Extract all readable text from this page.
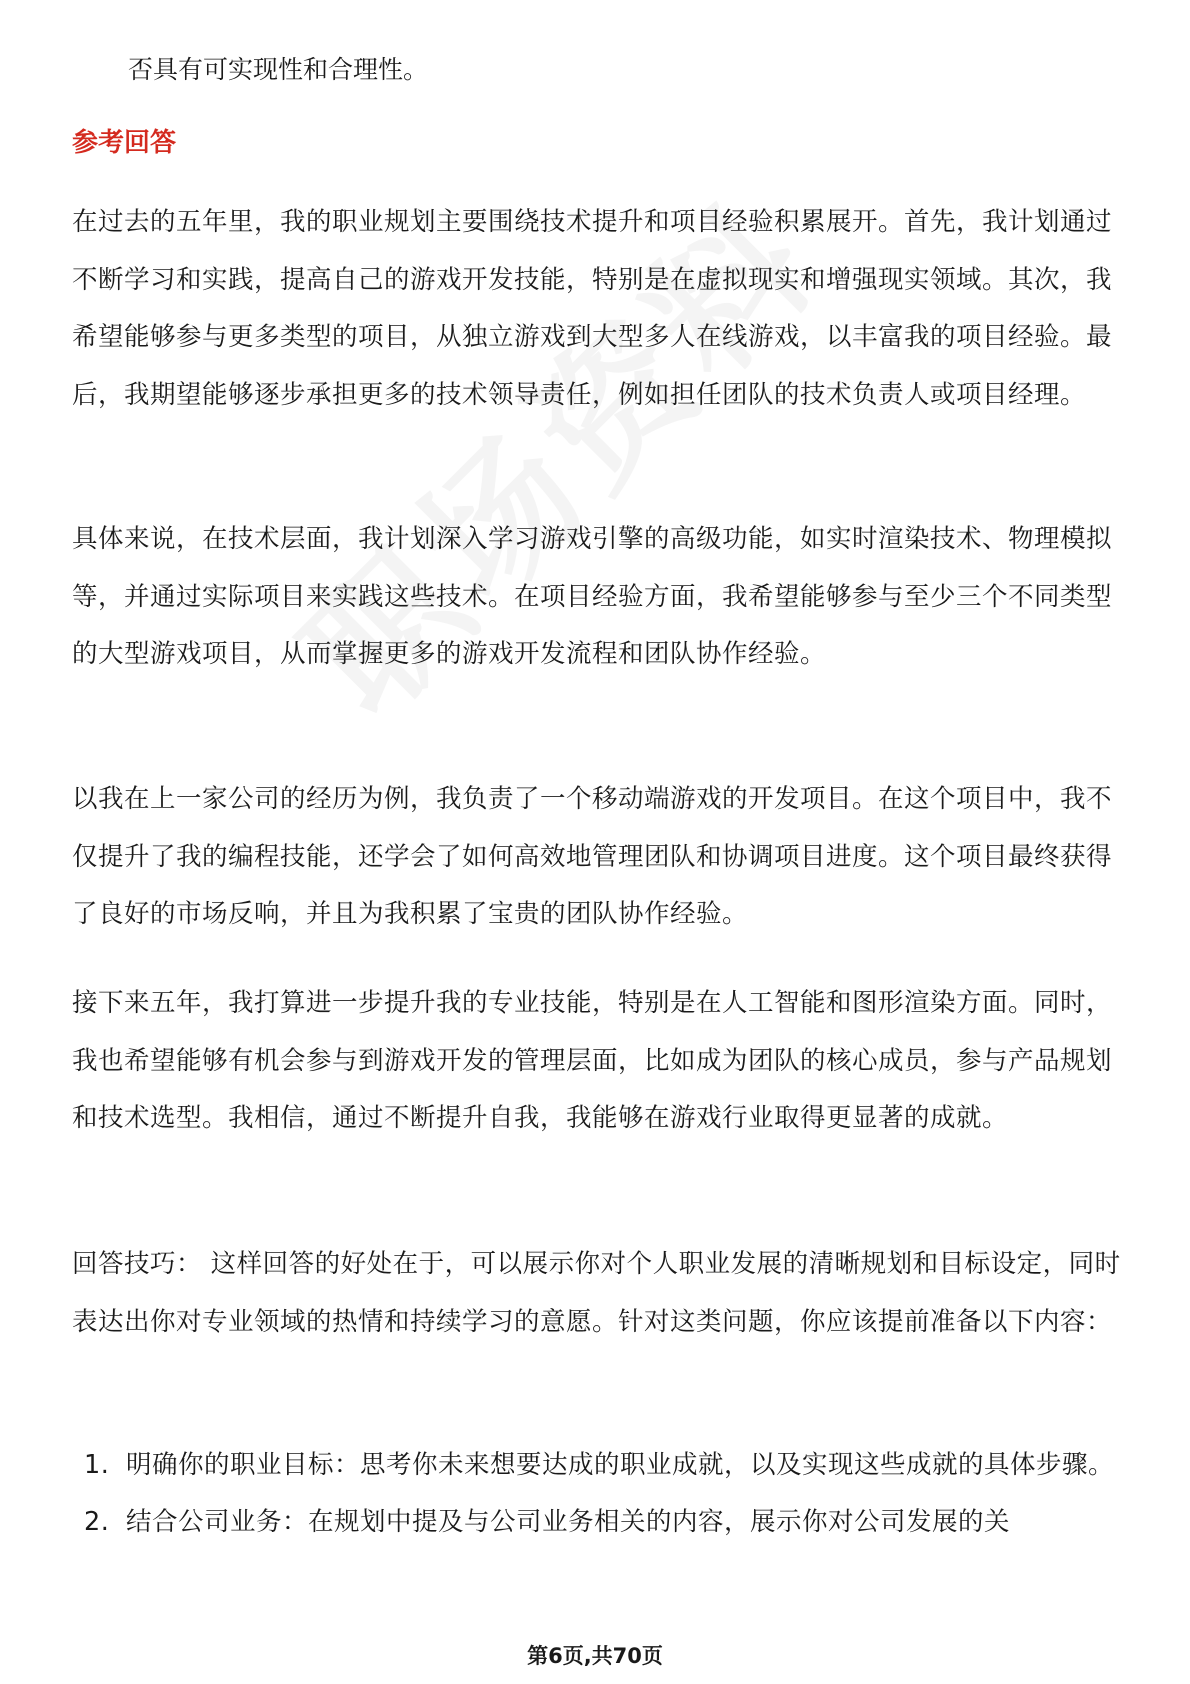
否具有可实现性和合理性。

参考回答

在过去的五年里，我的职业规划主要围绕技术提升和项目经验积累展开。首先，我计划通过不断学习和实践，提高自己的游戏开发技能，特别是在虚拟现实和增强现实领域。其次，我希望能够参与更多类型的项目，从独立游戏到大型多人在线游戏，以丰富我的项目经验。最后，我期望能够逐步承担更多的技术领导责任，例如担任团队的技术负责人或项目经理。

具体来说，在技术层面，我计划深入学习游戏引擎的高级功能，如实时渲染技术、物理模拟等，并通过实际项目来实践这些技术。在项目经验方面，我希望能够参与至少三个不同类型的大型游戏项目，从而掌握更多的游戏开发流程和团队协作经验。

以我在上一家公司的经历为例，我负责了一个移动端游戏的开发项目。在这个项目中，我不仅提升了我的编程技能，还学会了如何高效地管理团队和协调项目进度。这个项目最终获得了良好的市场反响，并且为我积累了宝贵的团队协作经验。

接下来五年，我打算进一步提升我的专业技能，特别是在人工智能和图形渲染方面。同时，我也希望能够有机会参与到游戏开发的管理层面，比如成为团队的核心成员，参与产品规划和技术选型。我相信，通过不断提升自我，我能够在游戏行业取得更显著的成就。

回答技巧： 这样回答的好处在于，可以展示你对个人职业发展的清晰规划和目标设定，同时表达出你对专业领域的热情和持续学习的意愿。针对这类问题，你应该提前准备以下内容：

1. 明确你的职业目标：思考你未来想要达成的职业成就，以及实现这些成就的具体步骤。
2. 结合公司业务：在规划中提及与公司业务相关的内容，展示你对公司发展的关
第6页,共70页
